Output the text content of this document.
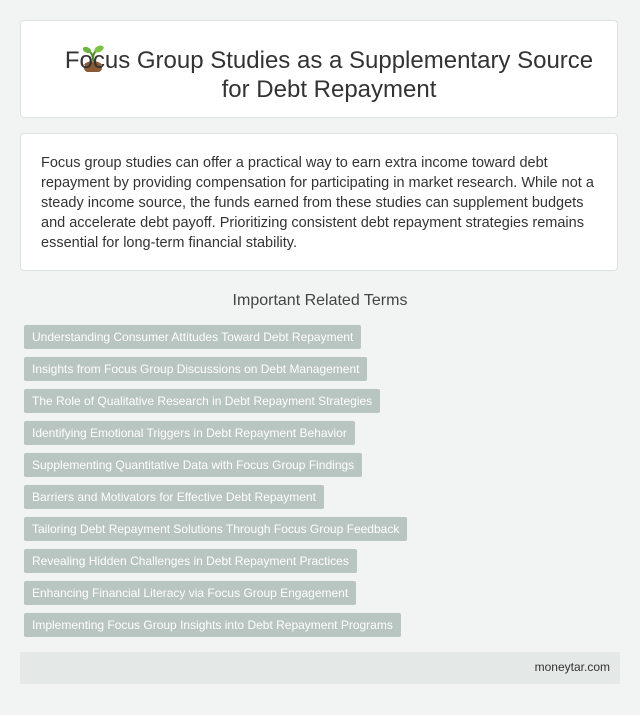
Focus Group Studies as a Supplementary Source for Debt Repayment

Focus group studies can offer a practical way to earn extra income toward debt repayment by providing compensation for participating in market research. While not a steady income source, the funds earned from these studies can supplement budgets and accelerate debt payoff. Prioritizing consistent debt repayment strategies remains essential for long-term financial stability.

Important Related Terms
Understanding Consumer Attitudes Toward Debt Repayment
Insights from Focus Group Discussions on Debt Management
The Role of Qualitative Research in Debt Repayment Strategies
Identifying Emotional Triggers in Debt Repayment Behavior
Supplementing Quantitative Data with Focus Group Findings
Barriers and Motivators for Effective Debt Repayment
Tailoring Debt Repayment Solutions Through Focus Group Feedback
Revealing Hidden Challenges in Debt Repayment Practices
Enhancing Financial Literacy via Focus Group Engagement
Implementing Focus Group Insights into Debt Repayment Programs
moneytar.com
